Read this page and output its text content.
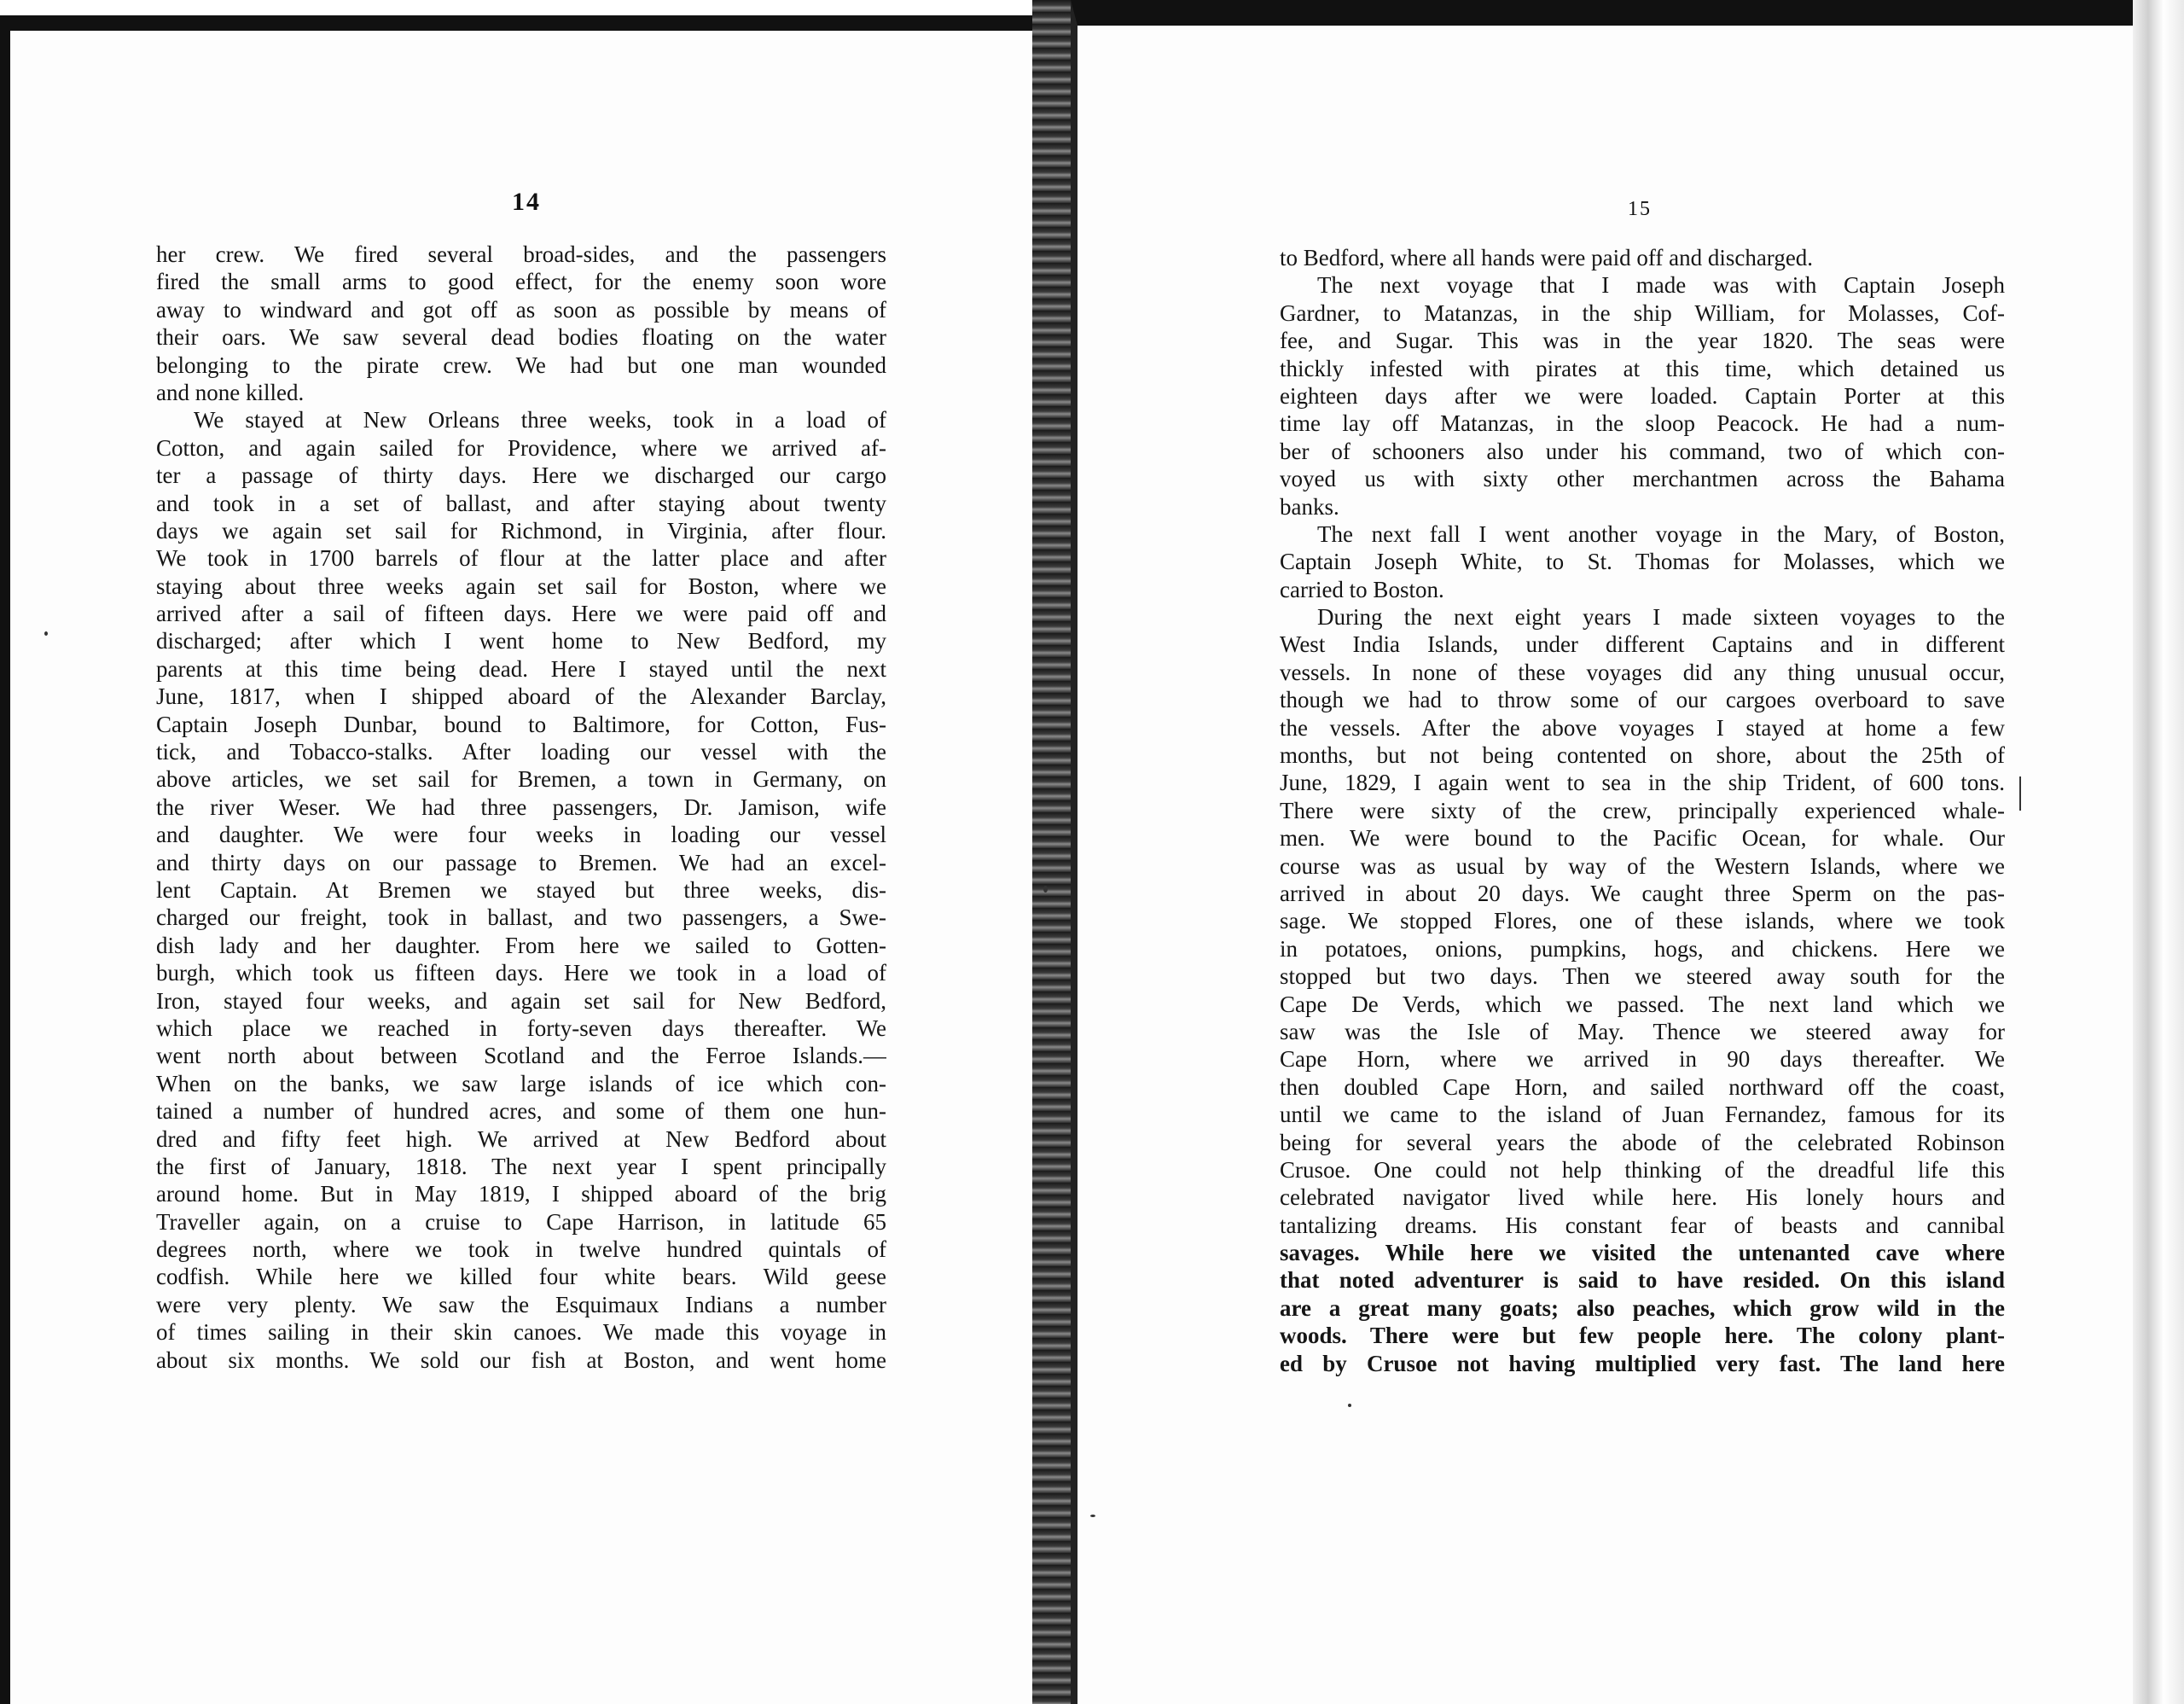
14	15
her crew. We fired several broad-sides, and the passengers
fired the small arms to good effect, for the enemy soon wore
away to windward and got off as soon as possible by means of
their oars. We saw several dead bodies floating on the water
belonging to the pirate crew. We had but one man wounded
and none killed.
We stayed at New Orleans three weeks, took in a load of
Cotton, and again sailed for Providence, where we arrived af-
ter a passage of thirty days. Here we discharged our cargo
and took in a set of ballast, and after staying about twenty
days we again set sail for Richmond, in Virginia, after flour.
We took in 1700 barrels of flour at the latter place and after
staying about three weeks again set sail for Boston, where we
arrived after a sail of fifteen days. Here we were paid off and
discharged; after which I went home to New Bedford, my
parents at this time being dead. Here I stayed until the next
June, 1817, when I shipped aboard of the Alexander Barclay,
Captain Joseph Dunbar, bound to Baltimore, for Cotton, Fus-
tick, and Tobacco-stalks. After loading our vessel with the
above articles, we set sail for Bremen, a town in Germany, on
the river Weser. We had three passengers, Dr. Jamison, wife
and daughter. We were four weeks in loading our vessel
and thirty days on our passage to Bremen. We had an excel-
lent Captain. At Bremen we stayed but three weeks, dis-
charged our freight, took in ballast, and two passengers, a Swe-
dish lady and her daughter. From here we sailed to Gotten-
burgh, which took us fifteen days. Here we took in a load of
Iron, stayed four weeks, and again set sail for New Bedford,
which place we reached in forty-seven days thereafter. We
went north about between Scotland and the Ferroe Islands.—
When on the banks, we saw large islands of ice which con-
tained a number of hundred acres, and some of them one hun-
dred and fifty feet high. We arrived at New Bedford about
the first of January, 1818. The next year I spent principally
around home. But in May 1819, I shipped aboard of the brig
Traveller again, on a cruise to Cape Harrison, in latitude 65
degrees north, where we took in twelve hundred quintals of
codfish. While here we killed four white bears. Wild geese
were very plenty. We saw the Esquimaux Indians a number
of times sailing in their skin canoes. We made this voyage in
about six months. We sold our fish at Boston, and went home
to Bedford, where all hands were paid off and discharged.
The next voyage that I made was with Captain Joseph
Gardner, to Matanzas, in the ship William, for Molasses, Cof-
fee, and Sugar. This was in the year 1820. The seas were
thickly infested with pirates at this time, which detained us
eighteen days after we were loaded. Captain Porter at this
time lay off Matanzas, in the sloop Peacock. He had a num-
ber of schooners also under his command, two of which con-
voyed us with sixty other merchantmen across the Bahama
banks.
The next fall I went another voyage in the Mary, of Boston,
Captain Joseph White, to St. Thomas for Molasses, which we
carried to Boston.
During the next eight years I made sixteen voyages to the
West India Islands, under different Captains and in different
vessels. In none of these voyages did any thing unusual occur,
though we had to throw some of our cargoes overboard to save
the vessels. After the above voyages I stayed at home a few
months, but not being contented on shore, about the 25th of
June, 1829, I again went to sea in the ship Trident, of 600 tons.
There were sixty of the crew, principally experienced whale-
men. We were bound to the Pacific Ocean, for whale. Our
course was as usual by way of the Western Islands, where we
arrived in about 20 days. We caught three Sperm on the pas-
sage. We stopped Flores, one of these islands, where we took
in potatoes, onions, pumpkins, hogs, and chickens. Here we
stopped but two days. Then we steered away south for the
Cape De Verds, which we passed. The next land which we
saw was the Isle of May. Thence we steered away for
Cape Horn, where we arrived in 90 days thereafter. We
then doubled Cape Horn, and sailed northward off the coast,
until we came to the island of Juan Fernandez, famous for its
being for several years the abode of the celebrated Robinson
Crusoe. One could not help thinking of the dreadful life this
celebrated navigator lived while here. His lonely hours and
tantalizing dreams. His constant fear of beasts and cannibal
savages. While here we visited the untenanted cave where
that noted adventurer is said to have resided. On this island
are a great many goats; also peaches, which grow wild in the
woods. There were but few people here. The colony plant-
ed by Crusoe not having multiplied very fast. The land here
